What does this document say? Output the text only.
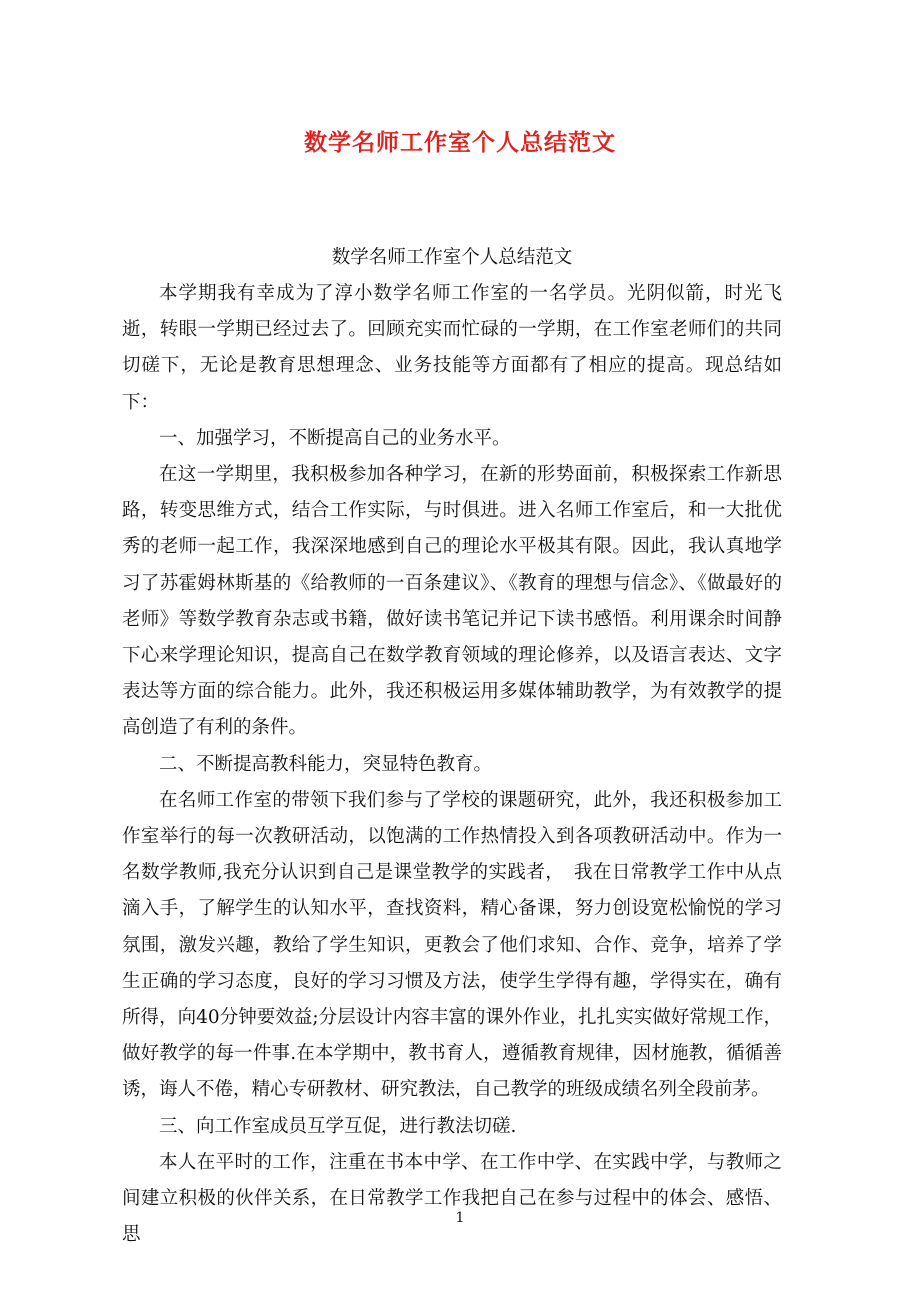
数学名师工作室个人总结范文

数学名师工作室个人总结范文

本学期我有幸成为了淳小数学名师工作室的一名学员。光阴似箭，时光飞逝，转眼一学期已经过去了。回顾充实而忙碌的一学期，在工作室老师们的共同切磋下，无论是教育思想理念、业务技能等方面都有了相应的提高。现总结如下：

一、加强学习，不断提高自己的业务水平。

在这一学期里，我积极参加各种学习，在新的形势面前，积极探索工作新思路，转变思维方式，结合工作实际，与时俱进。进入名师工作室后，和一大批优秀的老师一起工作，我深深地感到自己的理论水平极其有限。因此，我认真地学习了苏霍姆林斯基的《给教师的一百条建议》、《教育的理想与信念》、《做最好的老师》等数学教育杂志或书籍，做好读书笔记并记下读书感悟。利用课余时间静下心来学理论知识，提高自己在数学教育领域的理论修养，以及语言表达、文字表达等方面的综合能力。此外，我还积极运用多媒体辅助教学，为有效教学的提高创造了有利的条件。

二、不断提高教科能力，突显特色教育。

在名师工作室的带领下我们参与了学校的课题研究，此外，我还积极参加工作室举行的每一次教研活动，以饱满的工作热情投入到各项教研活动中。作为一名数学教师,我充分认识到自己是课堂教学的实践者，　我在日常教学工作中从点滴入手，了解学生的认知水平，查找资料，精心备课，努力创设宽松愉悦的学习氛围，激发兴趣，教给了学生知识，更教会了他们求知、合作、竞争，培养了学生正确的学习态度，良好的学习习惯及方法，使学生学得有趣，学得实在，确有所得，向40分钟要效益;分层设计内容丰富的课外作业，扎扎实实做好常规工作，做好教学的每一件事.在本学期中，教书育人，遵循教育规律，因材施教，循循善诱，诲人不倦，精心专研教材、研究教法，自己教学的班级成绩名列全段前茅。

三、向工作室成员互学互促，进行教法切磋.

本人在平时的工作，注重在书本中学、在工作中学、在实践中学，与教师之间建立积极的伙伴关系，在日常教学工作我把自己在参与过程中的体会、感悟、思

1
